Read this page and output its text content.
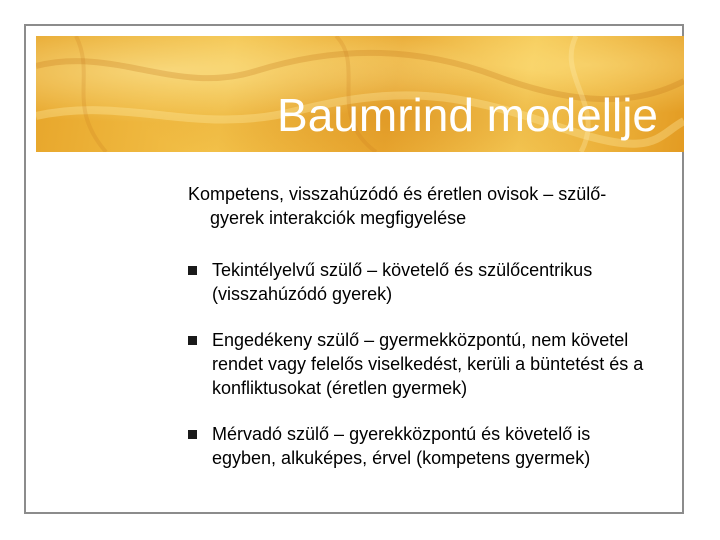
Baumrind modellje

Kompetens, visszahúzódó és éretlen ovisok – szülő-gyerek interakciók megfigyelése

Tekintélyelvű szülő – követelő és szülőcentrikus (visszahúzódó gyerek)
Engedékeny szülő – gyermekközpontú, nem követel rendet vagy felelős viselkedést, kerüli a büntetést és a konfliktusokat (éretlen gyermek)
Mérvadó szülő – gyerekközpontú és követelő is egyben, alkuképes, érvel (kompetens gyermek)
